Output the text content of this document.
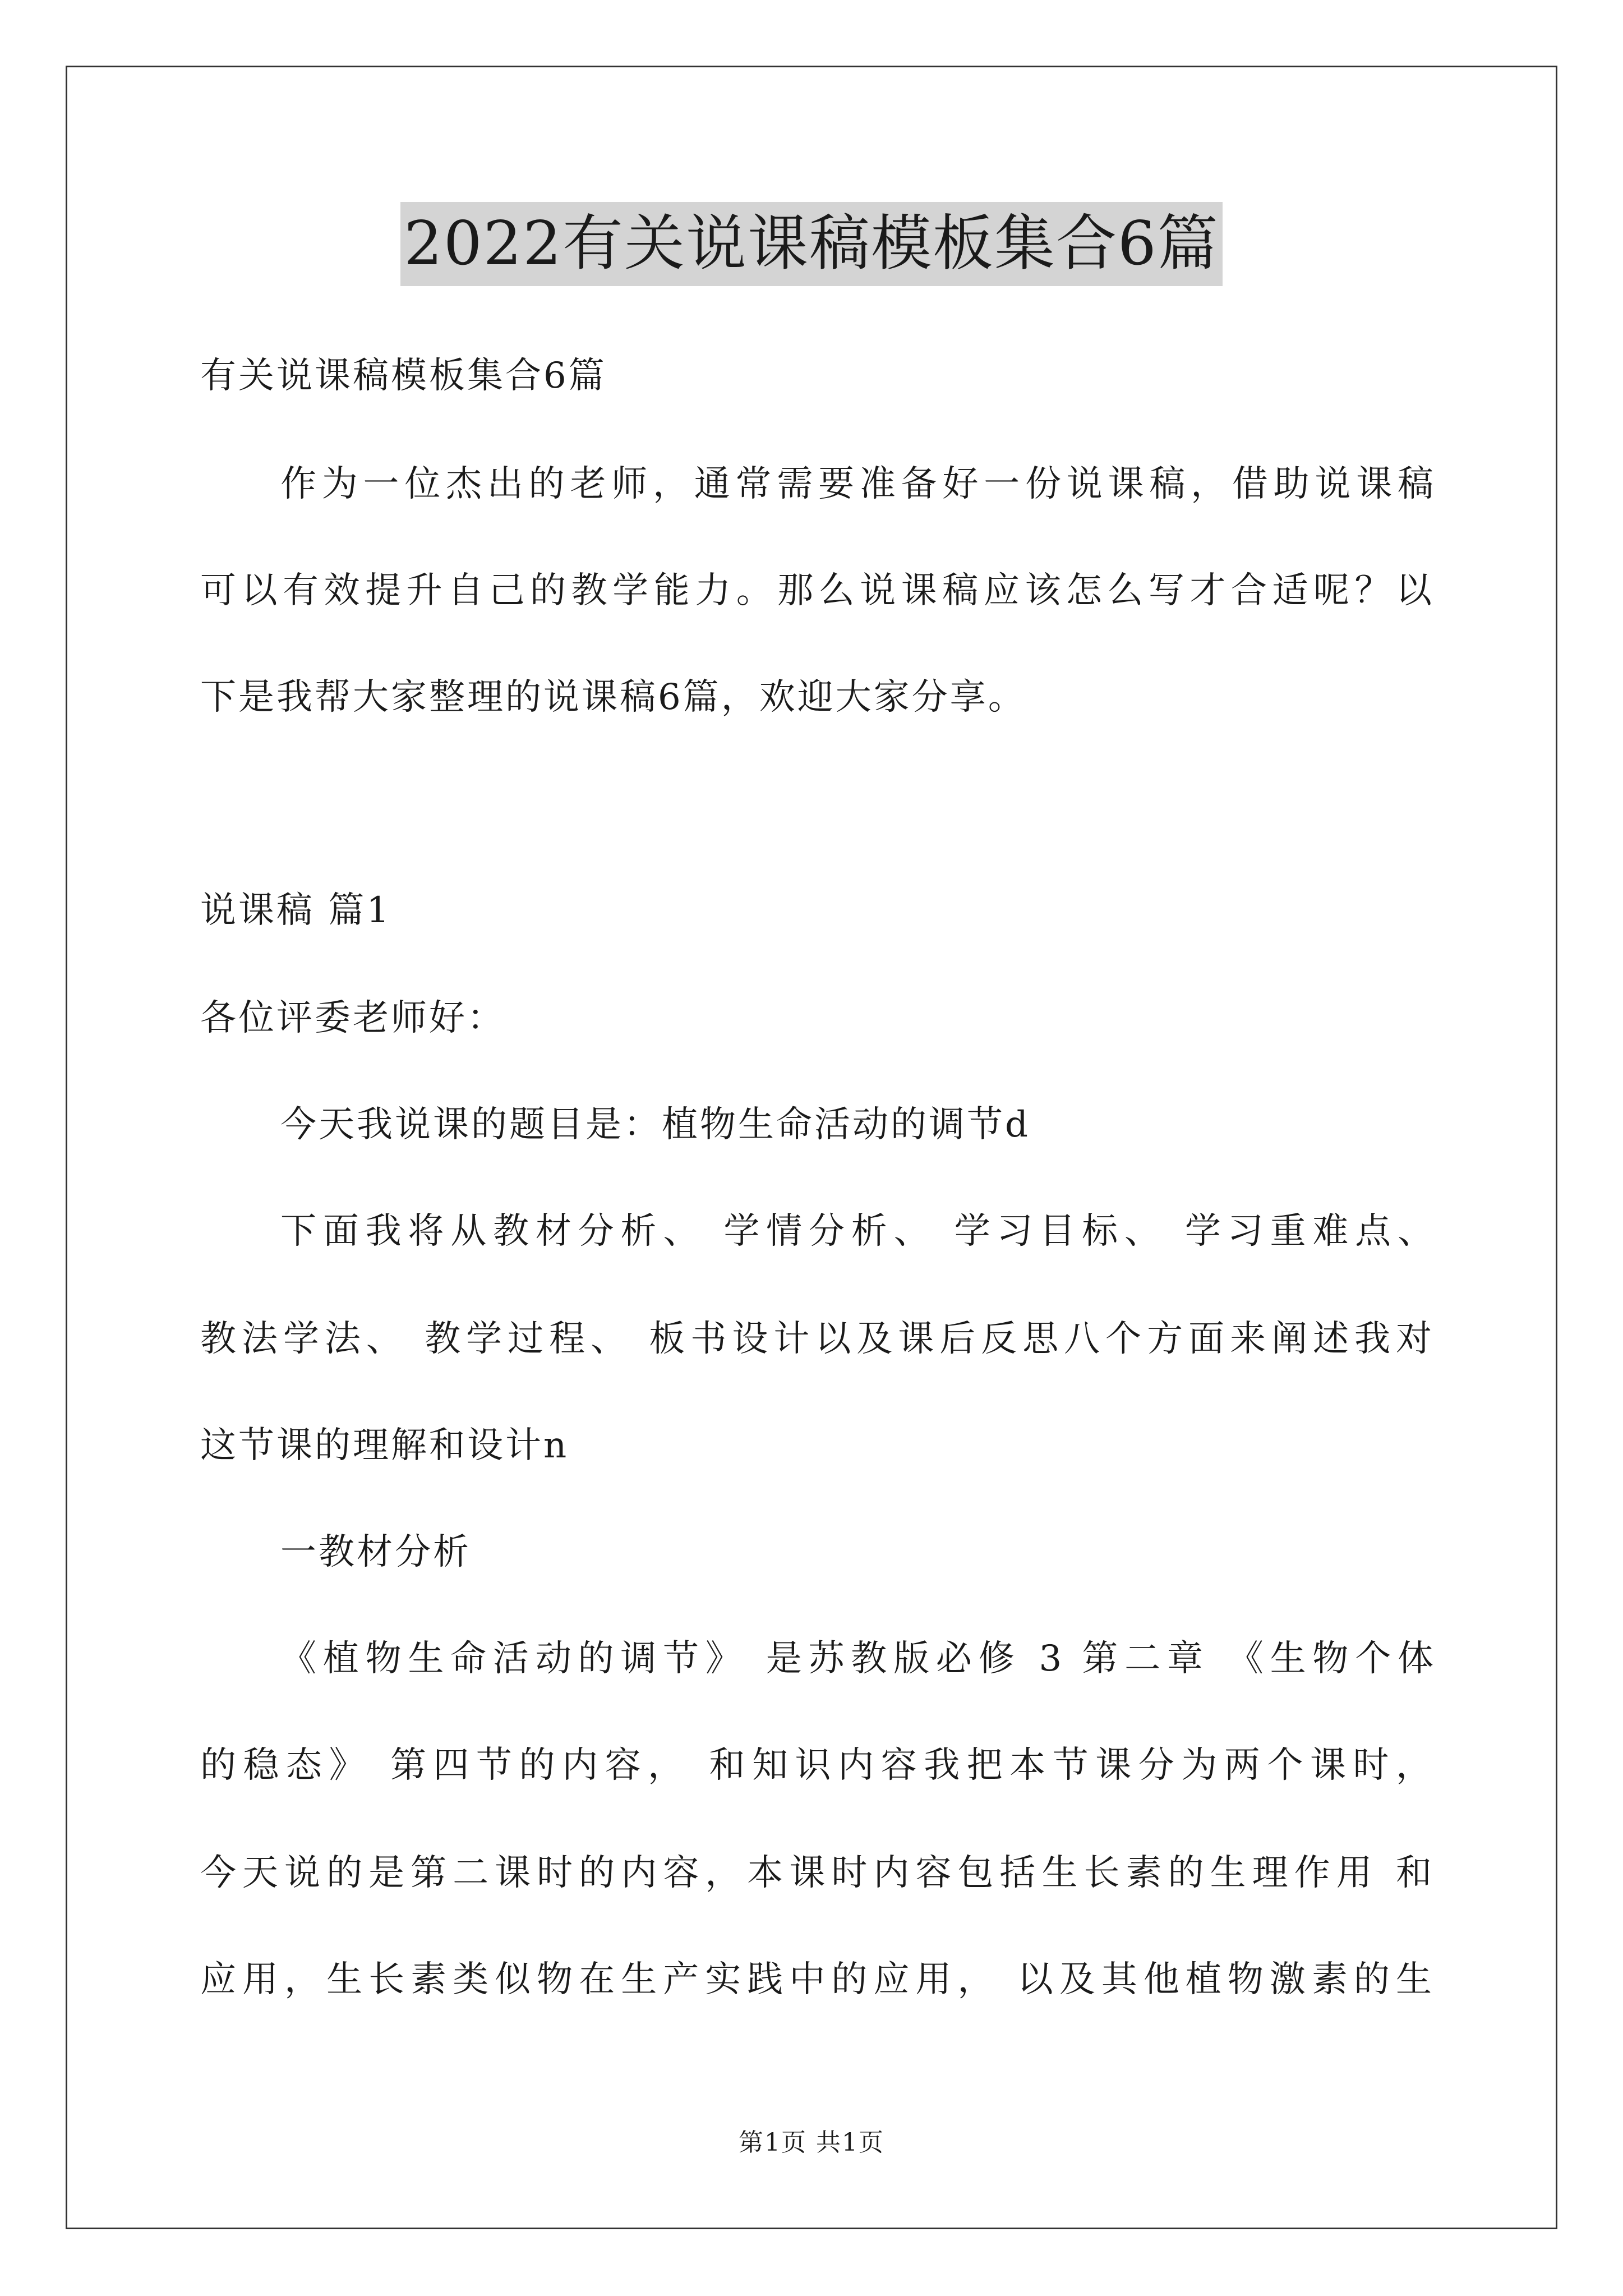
2022有关说课稿模板集合6篇
有关说课稿模板集合6篇
作为一位杰出的老师，通常需要准备好一份说课稿，借助说课稿
可以有效提升自己的教学能力。那么说课稿应该怎么写才合适呢？以
下是我帮大家整理的说课稿6篇，欢迎大家分享。
说课稿 篇1
各位评委老师好：
今天我说课的题目是：植物生命活动的调节d
下面我将从教材分析、 学情分析、 学习目标、 学习重难点、
教法学法、 教学过程、 板书设计以及课后反思八个方面来阐述我对
这节课的理解和设计n
一教材分析
《植物生命活动的调节》 是苏教版必修 3 第二章 《生物个体
的稳态》 第四节的内容， 和知识内容我把本节课分为两个课时，
今天说的是第二课时的内容，本课时内容包括生长素的生理作用 和
应用，生长素类似物在生产实践中的应用， 以及其他植物激素的生
第1页 共1页
